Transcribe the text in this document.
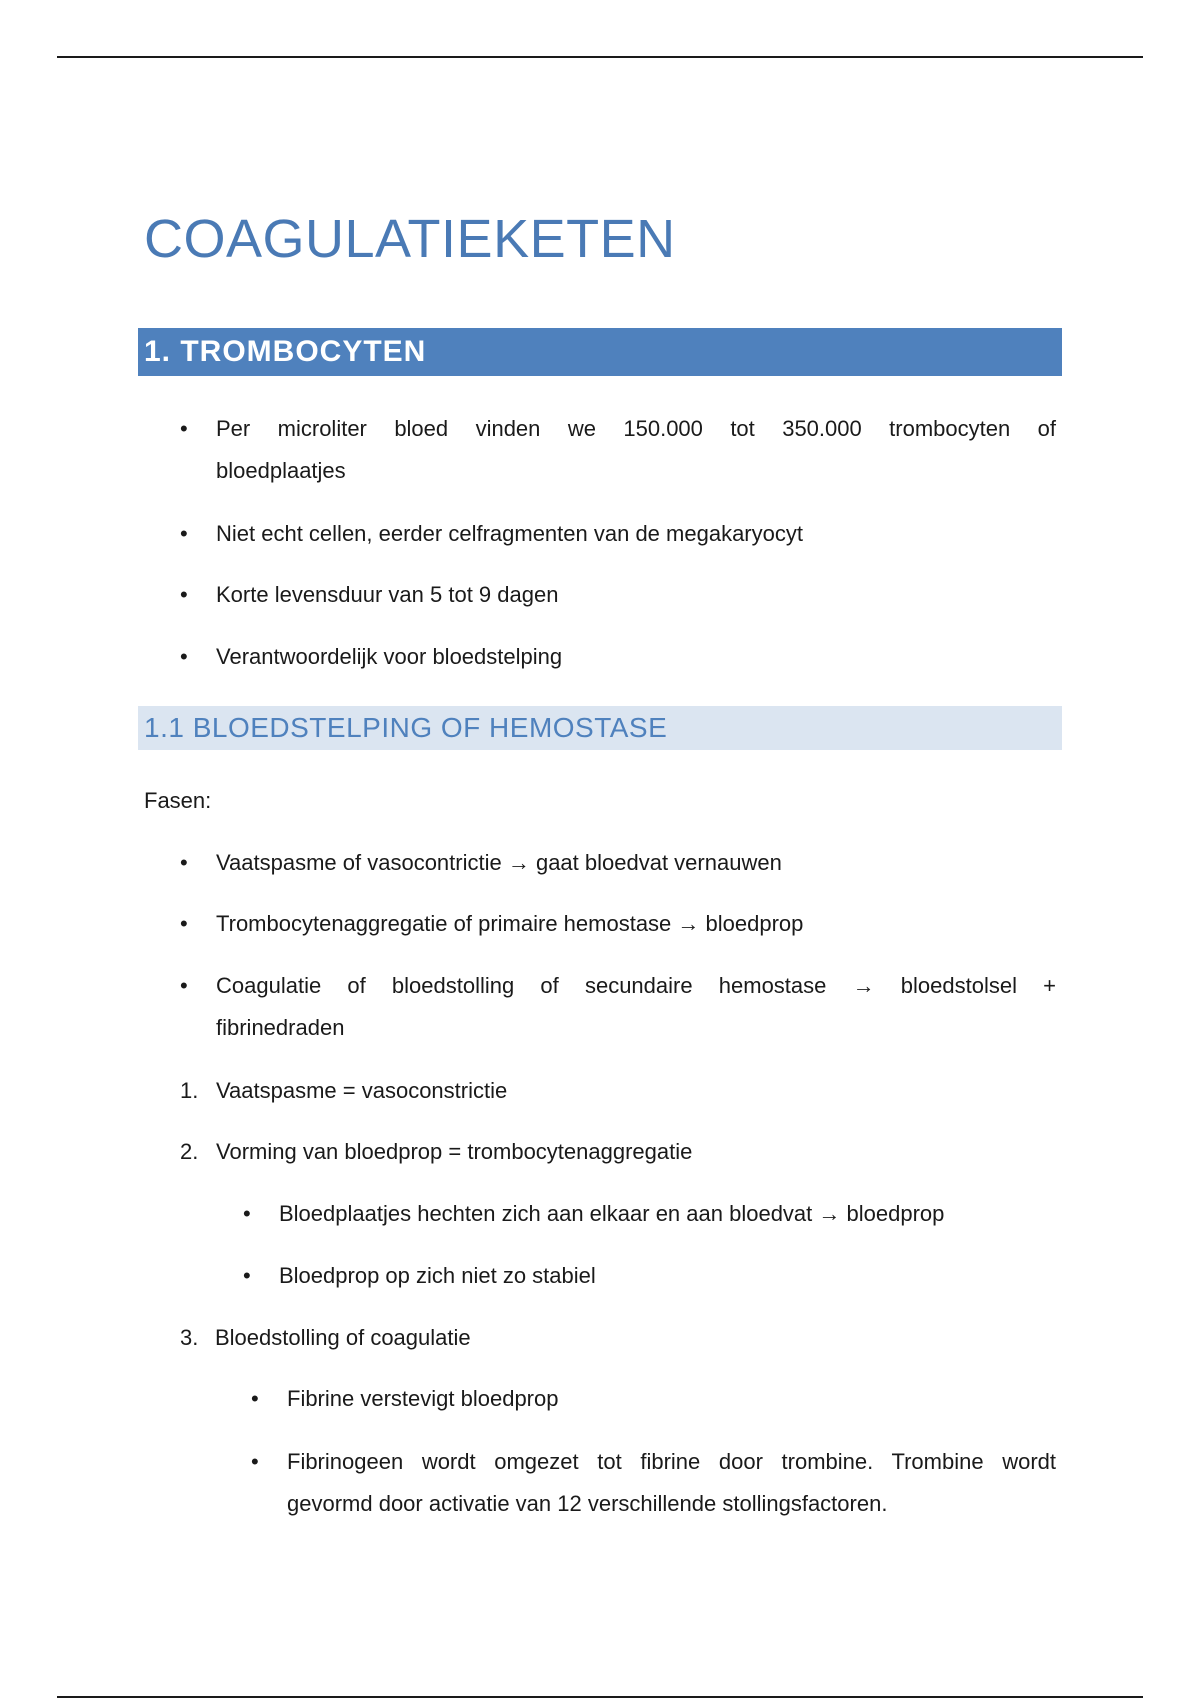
COAGULATIEKETEN
1. TROMBOCYTEN
• Per microliter bloed vinden we 150.000 tot 350.000 trombocyten of
bloedplaatjes
• Niet echt cellen, eerder celfragmenten van de megakaryocyt
• Korte levensduur van 5 tot 9 dagen
• Verantwoordelijk voor bloedstelping
1.1 BLOEDSTELPING OF HEMOSTASE
Fasen:
• Vaatspasme of vasocontrictie → gaat bloedvat vernauwen
• Trombocytenaggregatie of primaire hemostase → bloedprop
• Coagulatie of bloedstolling of secundaire hemostase → bloedstolsel +
fibrinedraden
1. Vaatspasme = vasoconstrictie
2. Vorming van bloedprop = trombocytenaggregatie
• Bloedplaatjes hechten zich aan elkaar en aan bloedvat → bloedprop
• Bloedprop op zich niet zo stabiel
3. Bloedstolling of coagulatie
• Fibrine verstevigt bloedprop
• Fibrinogeen wordt omgezet tot fibrine door trombine. Trombine wordt
gevormd door activatie van 12 verschillende stollingsfactoren.
